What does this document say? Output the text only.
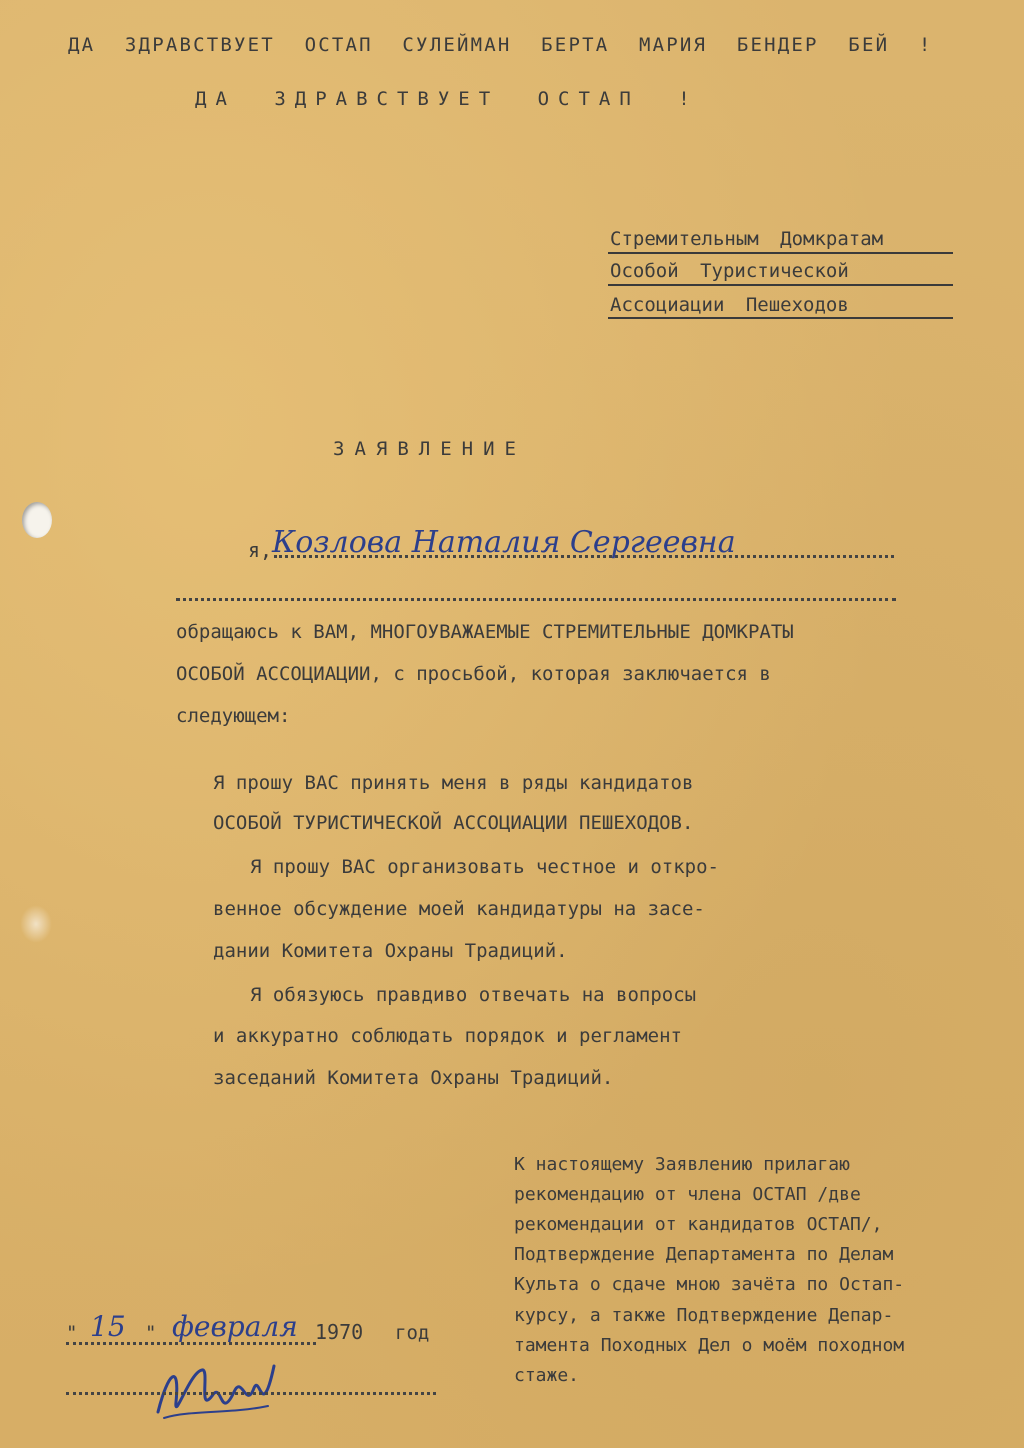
ДА ЗДРАВСТВУЕТ ОСТАП СУЛЕЙМАН БЕРТА МАРИЯ БЕНДЕР БЕЙ !
ДА ЗДРАВСТВУЕТ ОСТАП !
Стремительным Домкратам
Особой Туристической
Ассоциации Пешеходов
ЗАЯВЛЕНИЕ
я, Козлова Наталия Сергеевна
обращаюсь к ВАМ, МНОГОУВАЖАЕМЫЕ СТРЕМИТЕЛЬНЫЕ ДОМКРАТЫ
ОСОБОЙ АССОЦИАЦИИ, с просьбой, которая заключается в
следующем:
Я прошу ВАС принять меня в ряды кандидатов
ОСОБОЙ ТУРИСТИЧЕСКОЙ АССОЦИАЦИИ ПЕШЕХОДОВ.
Я прошу ВАС организовать честное и откро-
венное обсуждение моей кандидатуры на засе-
дании Комитета Охраны Традиций.
Я обязуюсь правдиво отвечать на вопросы
и аккуратно соблюдать порядок и регламент
заседаний Комитета Охраны Традиций.
К настоящему Заявлению прилагаю
рекомендацию от члена ОСТАП /две
рекомендации от кандидатов ОСТАП/,
Подтверждение Департамента по Делам
Культа о сдаче мною зачёта по Остап-
курсу, а также Подтверждение Депар-
тамента Походных Дел о моём походном
стаже.
" 15 " февраля 1970 год
